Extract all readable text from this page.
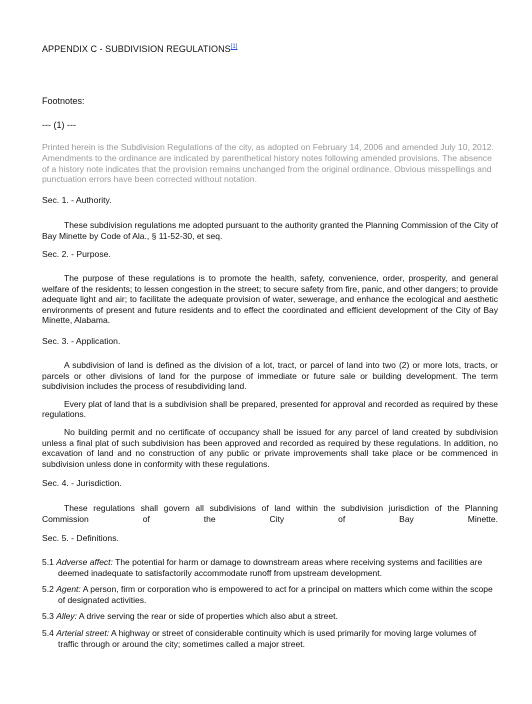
APPENDIX C - SUBDIVISION REGULATIONS[1]
Footnotes:
--- (1) ---
Printed herein is the Subdivision Regulations of the city, as adopted on February 14, 2006 and amended July 10, 2012. Amendments to the ordinance are indicated by parenthetical history notes following amended provisions. The absence of a history note indicates that the provision remains unchanged from the original ordinance. Obvious misspellings and punctuation errors have been corrected without notation.
Sec. 1. - Authority.

These subdivision regulations me adopted pursuant to the authority granted the Planning Commission of the City of Bay Minette by Code of Ala., § 11-52-30, et seq.

Sec. 2. - Purpose.

The purpose of these regulations is to promote the health, safety, convenience, order, prosperity, and general welfare of the residents; to lessen congestion in the street; to secure safety from fire, panic, and other dangers; to provide adequate light and air; to facilitate the adequate provision of water, sewerage, and enhance the ecological and aesthetic environments of present and future residents and to effect the coordinated and efficient development of the City of Bay Minette, Alabama.

Sec. 3. - Application.

A subdivision of land is defined as the division of a lot, tract, or parcel of land into two (2) or more lots, tracts, or parcels or other divisions of land for the purpose of immediate or future sale or building development. The term subdivision includes the process of resubdividing land.

Every plat of land that is a subdivision shall be prepared, presented for approval and recorded as required by these regulations.

No building permit and no certificate of occupancy shall be issued for any parcel of land created by subdivision unless a final plat of such subdivision has been approved and recorded as required by these regulations. In addition, no excavation of land and no construction of any public or private improvements shall take place or be commenced in subdivision unless done in conformity with these regulations.

Sec. 4. - Jurisdiction.

These regulations shall govern all subdivisions of land within the subdivision jurisdiction of the Planning Commission of the City of Bay Minette.

Sec. 5. - Definitions.

5.1 Adverse affect: The potential for harm or damage to downstream areas where receiving systems and facilities are deemed inadequate to satisfactorily accommodate runoff from upstream development.

5.2 Agent: A person, firm or corporation who is empowered to act for a principal on matters which come within the scope of designated activities.

5.3 Alley: A drive serving the rear or side of properties which also abut a street.

5.4 Arterial street: A highway or street of considerable continuity which is used primarily for moving large volumes of traffic through or around the city; sometimes called a major street.
